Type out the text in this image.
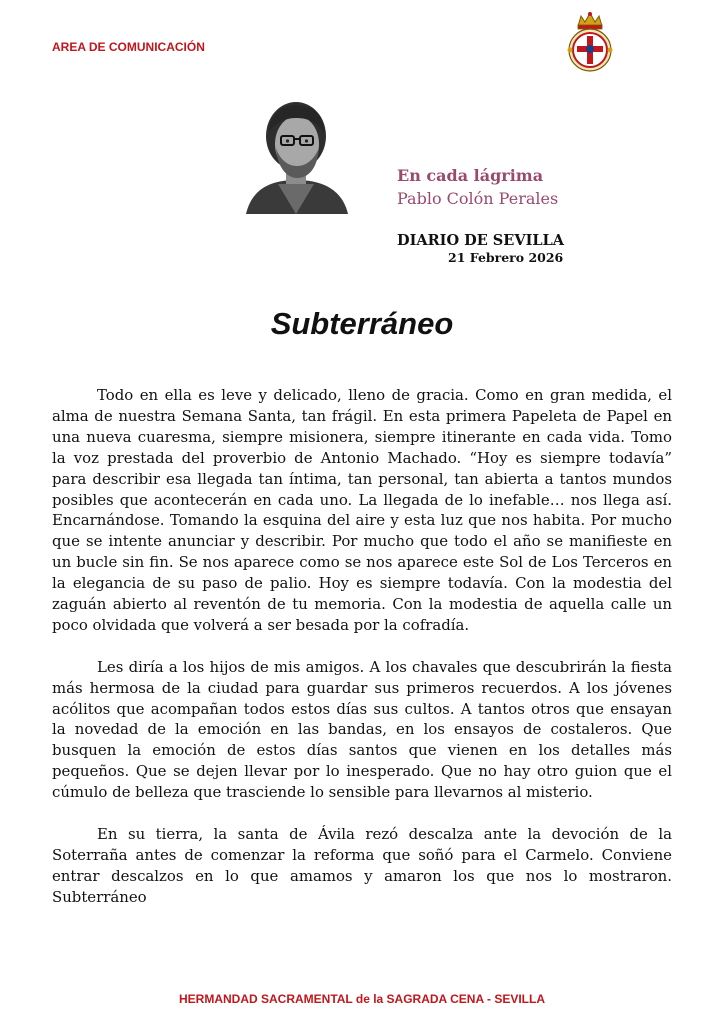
AREA DE COMUNICACIÓN
En cada lágrima
Pablo Colón Perales
DIARIO DE SEVILLA
21 Febrero 2026
Subterráneo

Todo en ella es leve y delicado, lleno de gracia. Como en gran medida, el alma de nuestra Semana Santa, tan frágil. En esta primera Papeleta de Papel en una nueva cuaresma, siempre misionera, siempre itinerante en cada vida. Tomo la voz prestada del proverbio de Antonio Machado. “Hoy es siempre todavía” para describir esa llegada tan íntima, tan personal, tan abierta a tantos mundos posibles que acontecerán en cada uno. La llegada de lo inefable… nos llega así. Encarnándose. Tomando la esquina del aire y esta luz que nos habita. Por mucho que se intente anunciar y describir. Por mucho que todo el año se manifieste en un bucle sin fin. Se nos aparece como se nos aparece este Sol de Los Terceros en la elegancia de su paso de palio. Hoy es siempre todavía. Con la modestia del zaguán abierto al reventón de tu memoria. Con la modestia de aquella calle un poco olvidada que volverá a ser besada por la cofradía.

Les diría a los hijos de mis amigos. A los chavales que descubrirán la fiesta más hermosa de la ciudad para guardar sus primeros recuerdos. A los jóvenes acólitos que acompañan todos estos días sus cultos. A tantos otros que ensayan la novedad de la emoción en las bandas, en los ensayos de costaleros. Que busquen la emoción de estos días santos que vienen en los detalles más pequeños. Que se dejen llevar por lo inesperado. Que no hay otro guion que el cúmulo de belleza que trasciende lo sensible para llevarnos al misterio.

En su tierra, la santa de Ávila rezó descalza ante la devoción de la Soterraña antes de comenzar la reforma que soñó para el Carmelo. Conviene entrar descalzos en lo que amamos y amaron los que nos lo mostraron. Subterráneo

HERMANDAD SACRAMENTAL de la SAGRADA CENA - SEVILLA
